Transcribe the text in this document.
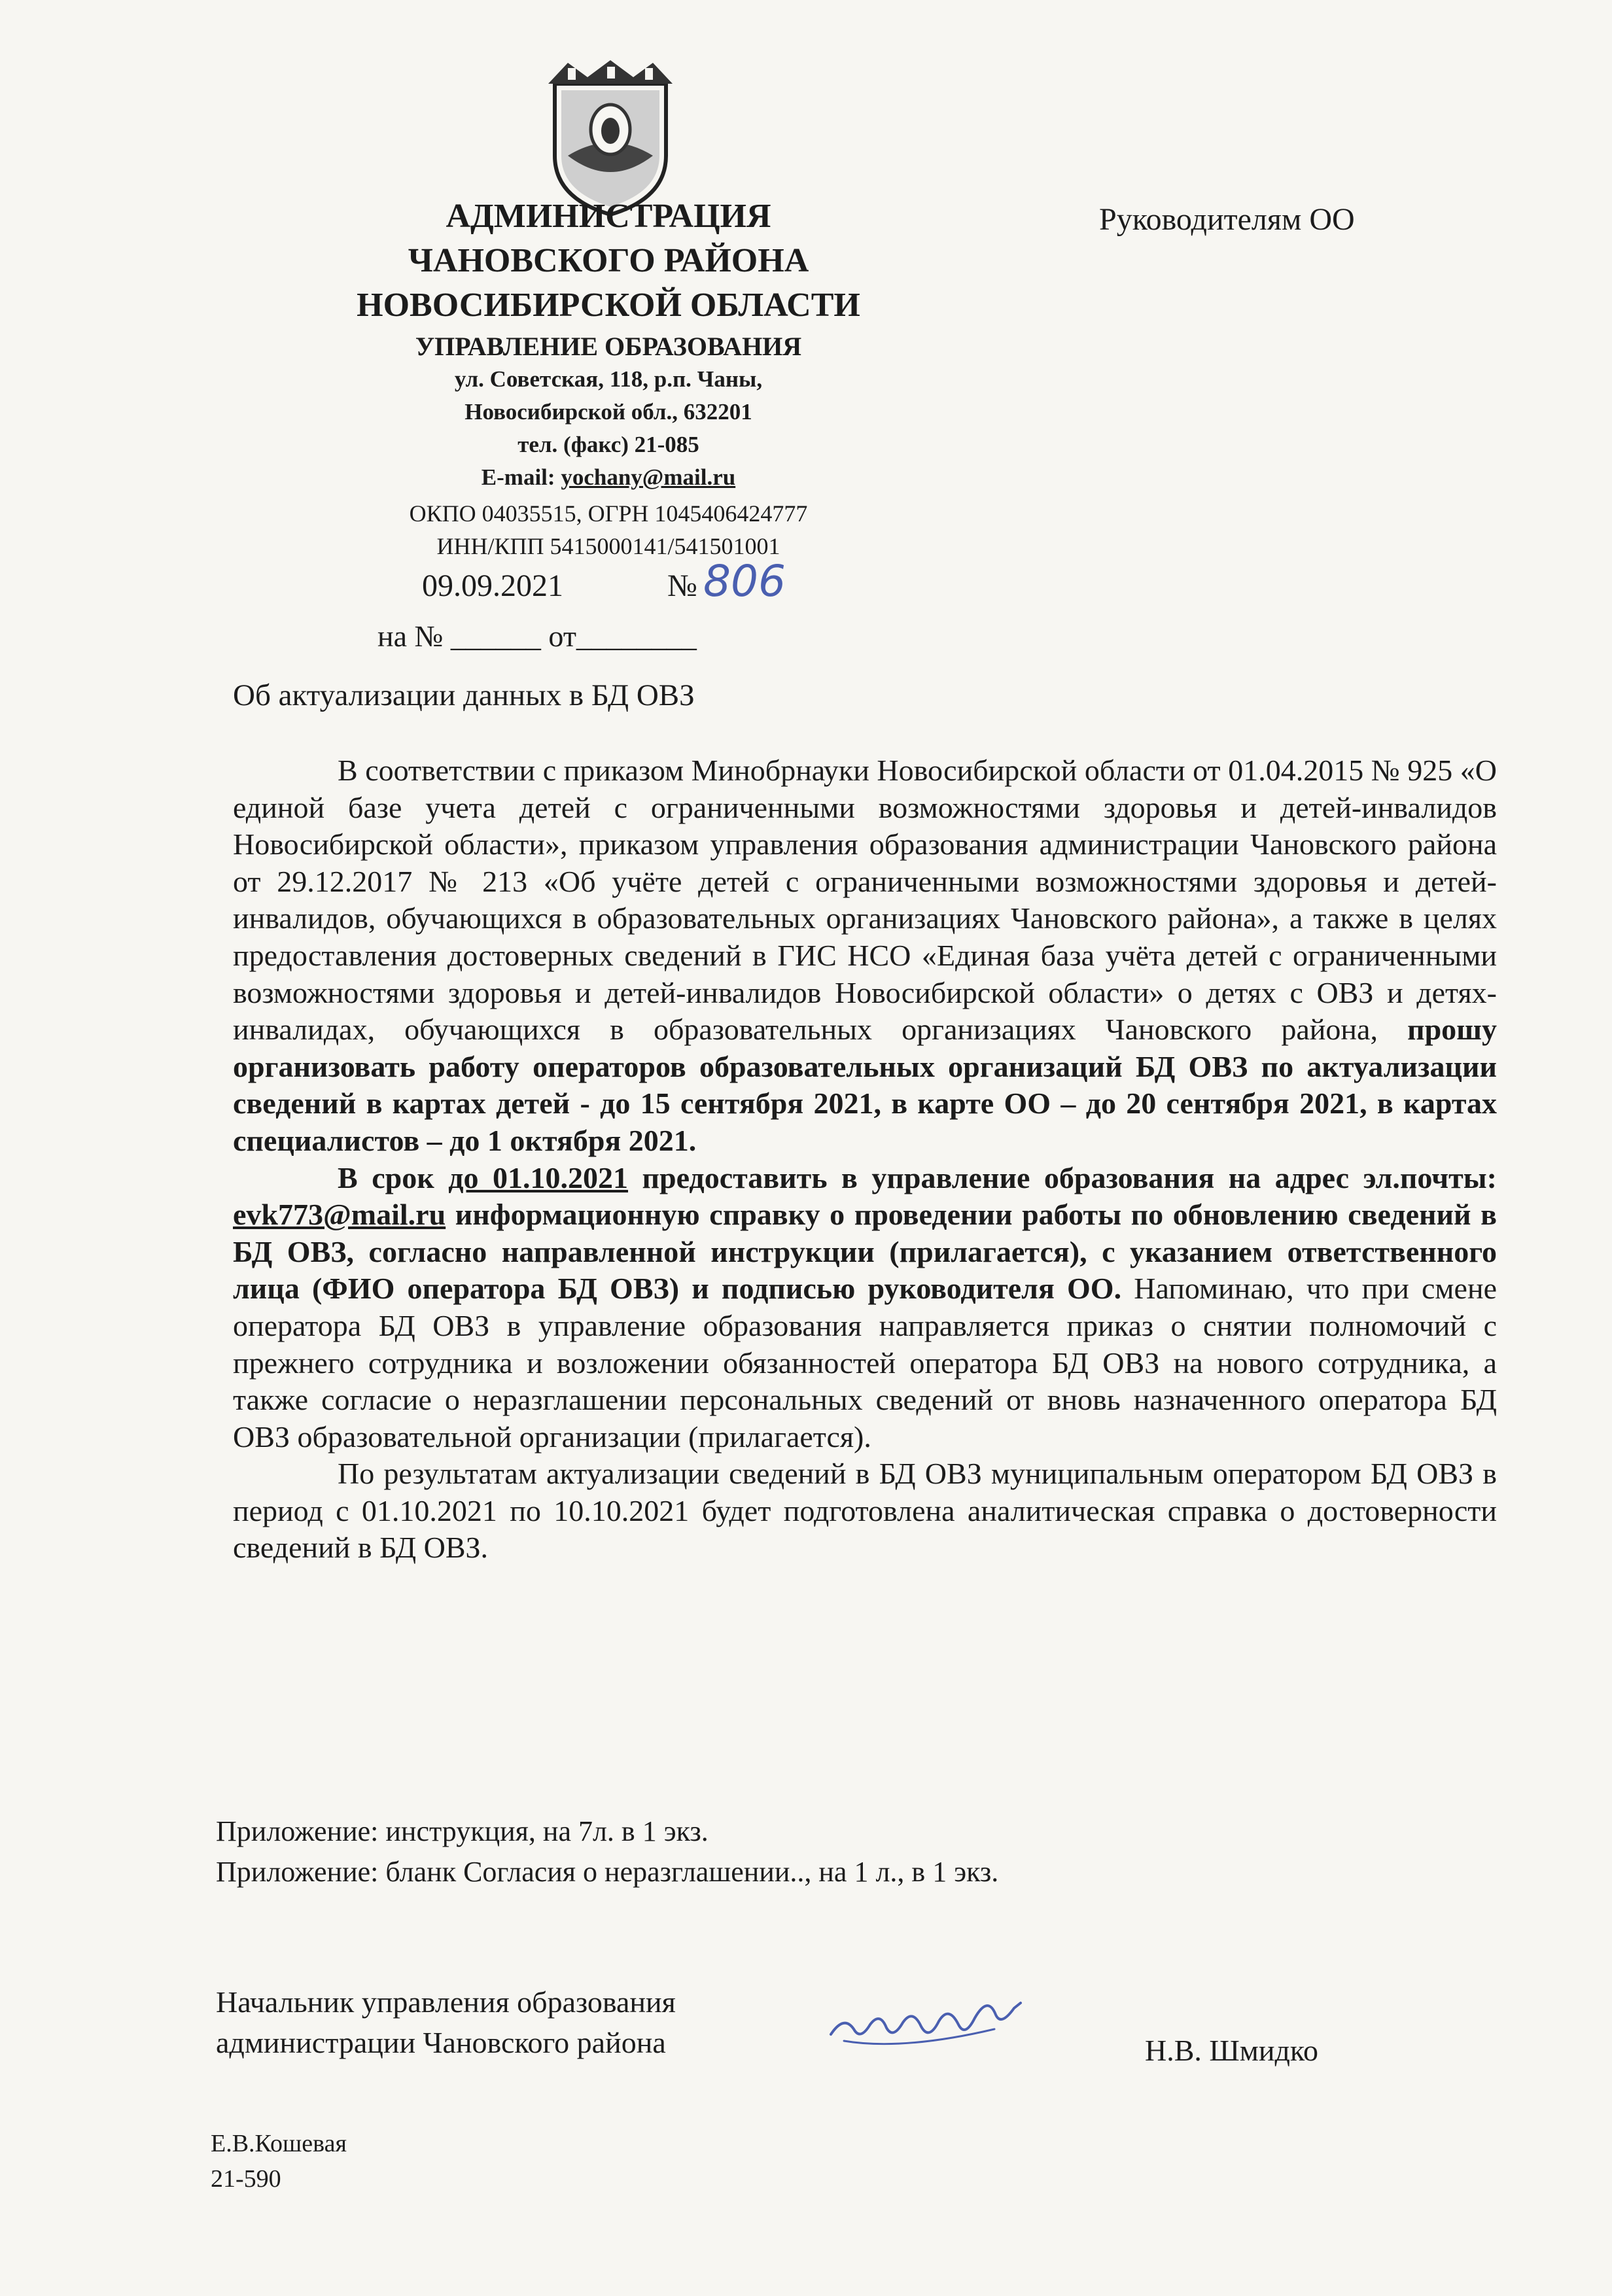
АДМИНИСТРАЦИЯ
ЧАНОВСКОГО РАЙОНА
НОВОСИБИРСКОЙ ОБЛАСТИ
УПРАВЛЕНИЕ ОБРАЗОВАНИЯ
ул. Советская, 118, р.п. Чаны,
Новосибирской обл., 632201
тел. (факс) 21-085
E-mail: yochany@mail.ru
ОКПО 04035515, ОГРН 1045406424777
ИНН/КПП 5415000141/541501001
Руководителям ОО
09.09.2021	№ 806
на № ______ от________
Об актуализации данных в БД ОВЗ

В соответствии с приказом Минобрнауки Новосибирской области от 01.04.2015 № 925 «О единой базе учета детей с ограниченными возможностями здоровья и детей-инвалидов Новосибирской области», приказом управления образования администрации Чановского района от 29.12.2017 № 213 «Об учёте детей с ограниченными возможностями здоровья и детей-инвалидов, обучающихся в образовательных организациях Чановского района», а также в целях предоставления достоверных сведений в ГИС НСО «Единая база учёта детей с ограниченными возможностями здоровья и детей-инвалидов Новосибирской области» о детях с ОВЗ и детях-инвалидах, обучающихся в образовательных организациях Чановского района, прошу организовать работу операторов образовательных организаций БД ОВЗ по актуализации сведений в картах детей - до 15 сентября 2021, в карте ОО – до 20 сентября 2021, в картах специалистов – до 1 октября 2021.

В срок до 01.10.2021 предоставить в управление образования на адрес эл.почты: evk773@mail.ru информационную справку о проведении работы по обновлению сведений в БД ОВЗ, согласно направленной инструкции (прилагается), с указанием ответственного лица (ФИО оператора БД ОВЗ) и подписью руководителя ОО. Напоминаю, что при смене оператора БД ОВЗ в управление образования направляется приказ о снятии полномочий с прежнего сотрудника и возложении обязанностей оператора БД ОВЗ на нового сотрудника, а также согласие о неразглашении персональных сведений от вновь назначенного оператора БД ОВЗ образовательной организации (прилагается).

По результатам актуализации сведений в БД ОВЗ муниципальным оператором БД ОВЗ в период с 01.10.2021 по 10.10.2021 будет подготовлена аналитическая справка о достоверности сведений в БД ОВЗ.

Приложение: инструкция, на 7л. в 1 экз.
Приложение: бланк Согласия о неразглашении.., на 1 л., в 1 экз.
Начальник управления образования
администрации Чановского района	Н.В. Шмидко
Е.В.Кошевая
21-590
